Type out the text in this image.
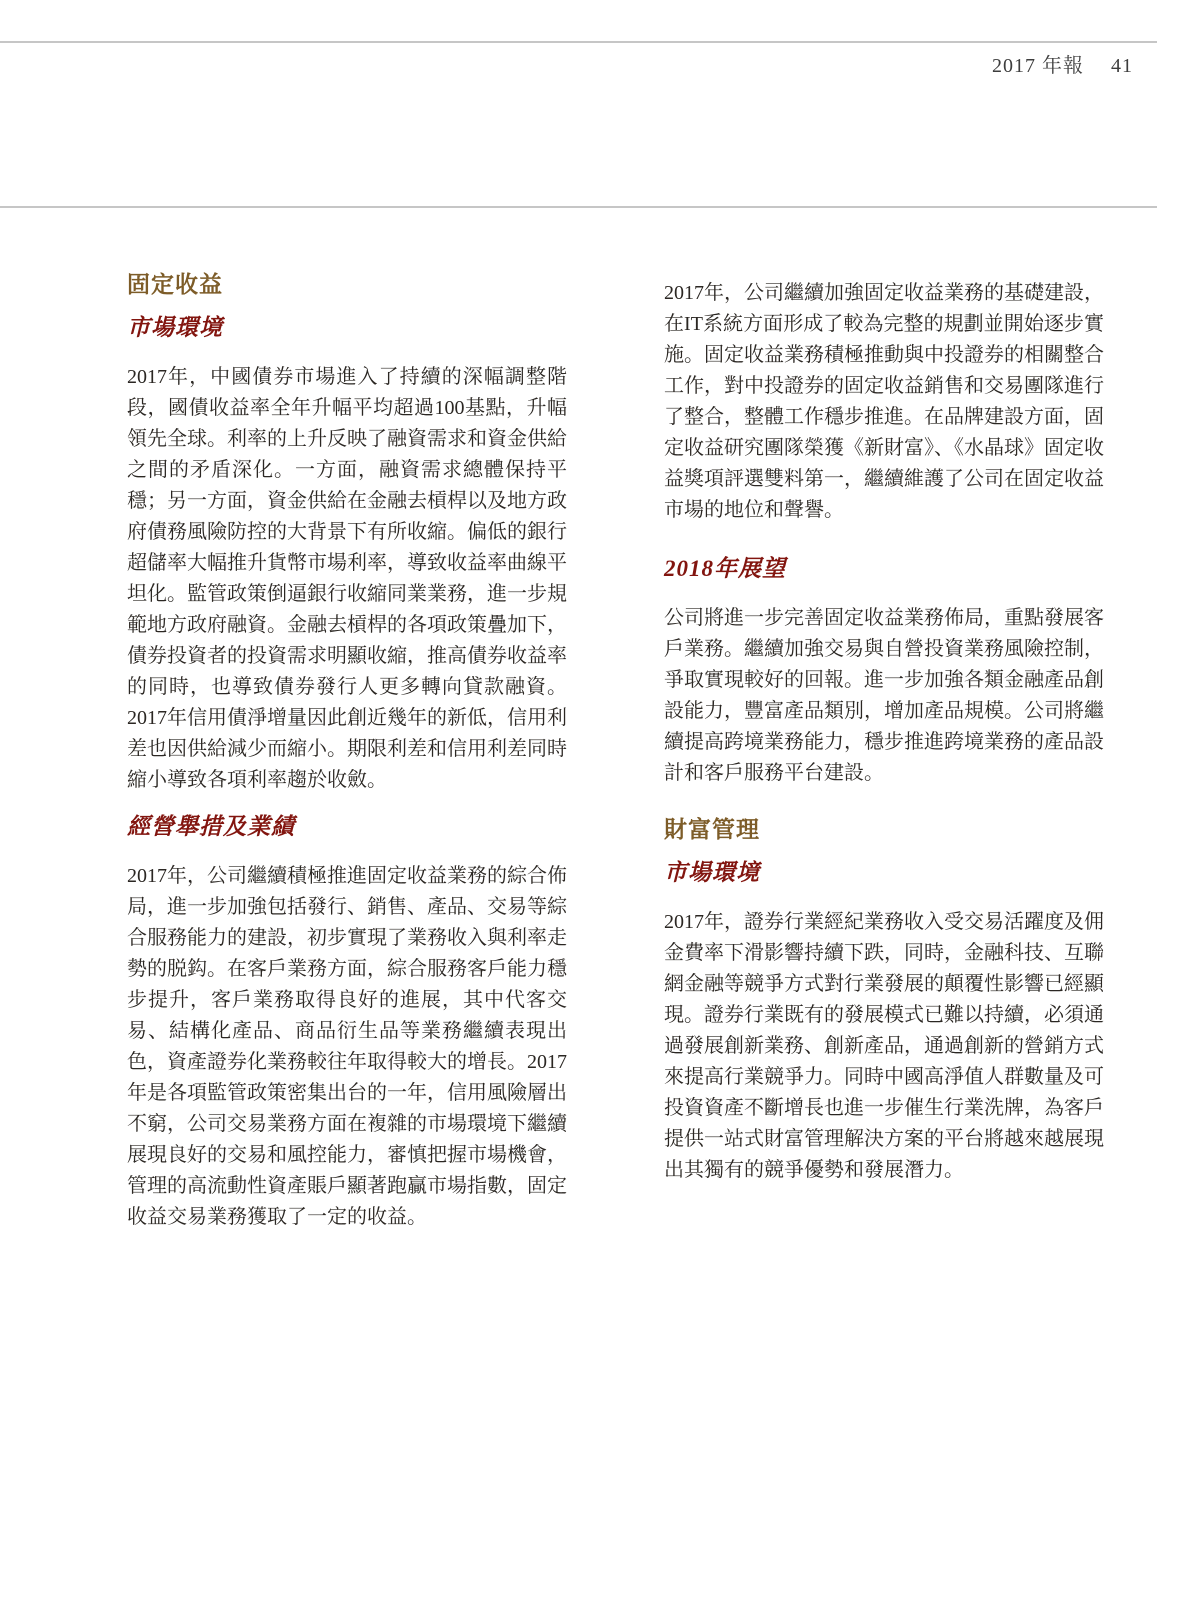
2017 年報 41
固定收益
市場環境

2017年，中國債券市場進入了持續的深幅調整階段，國債收益率全年升幅平均超過100基點，升幅領先全球。利率的上升反映了融資需求和資金供給之間的矛盾深化。一方面，融資需求總體保持平穩；另一方面，資金供給在金融去槓桿以及地方政府債務風險防控的大背景下有所收縮。偏低的銀行超儲率大幅推升貨幣市場利率，導致收益率曲線平坦化。監管政策倒逼銀行收縮同業業務，進一步規範地方政府融資。金融去槓桿的各項政策疊加下，債券投資者的投資需求明顯收縮，推高債券收益率的同時，也導致債券發行人更多轉向貸款融資。2017年信用債淨增量因此創近幾年的新低，信用利差也因供給減少而縮小。期限利差和信用利差同時縮小導致各項利率趨於收斂。

經營舉措及業績

2017年，公司繼續積極推進固定收益業務的綜合佈局，進一步加強包括發行、銷售、產品、交易等綜合服務能力的建設，初步實現了業務收入與利率走勢的脱鈎。在客戶業務方面，綜合服務客戶能力穩步提升，客戶業務取得良好的進展，其中代客交易、結構化產品、商品衍生品等業務繼續表現出色，資產證券化業務較往年取得較大的增長。2017年是各項監管政策密集出台的一年，信用風險層出不窮，公司交易業務方面在複雜的市場環境下繼續展現良好的交易和風控能力，審慎把握市場機會，管理的高流動性資產賬戶顯著跑贏市場指數，固定收益交易業務獲取了一定的收益。

2017年，公司繼續加強固定收益業務的基礎建設，在IT系統方面形成了較為完整的規劃並開始逐步實施。固定收益業務積極推動與中投證券的相關整合工作，對中投證券的固定收益銷售和交易團隊進行了整合，整體工作穩步推進。在品牌建設方面，固定收益研究團隊榮獲《新財富》、《水晶球》固定收益獎項評選雙料第一，繼續維護了公司在固定收益市場的地位和聲譽。

2018年展望

公司將進一步完善固定收益業務佈局，重點發展客戶業務。繼續加強交易與自營投資業務風險控制，爭取實現較好的回報。進一步加強各類金融產品創設能力，豐富產品類別，增加產品規模。公司將繼續提高跨境業務能力，穩步推進跨境業務的產品設計和客戶服務平台建設。

財富管理
市場環境

2017年，證券行業經紀業務收入受交易活躍度及佣金費率下滑影響持續下跌，同時，金融科技、互聯網金融等競爭方式對行業發展的顛覆性影響已經顯現。證券行業既有的發展模式已難以持續，必須通過發展創新業務、創新產品，通過創新的營銷方式來提高行業競爭力。同時中國高淨值人群數量及可投資資產不斷增長也進一步催生行業洗牌，為客戶提供一站式財富管理解決方案的平台將越來越展現出其獨有的競爭優勢和發展潛力。
